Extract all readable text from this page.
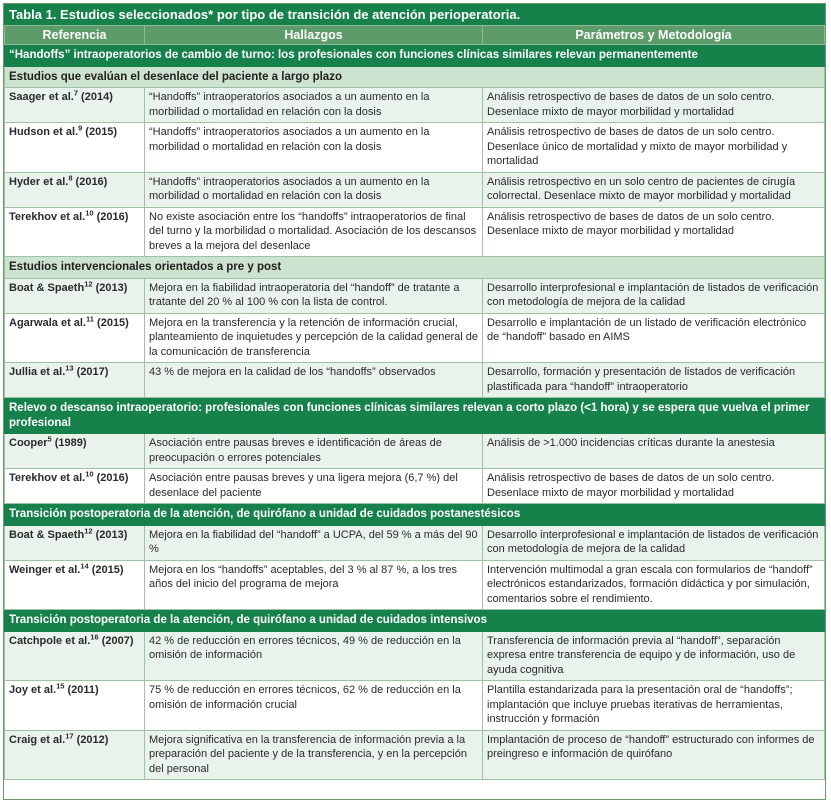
Tabla 1. Estudios seleccionados* por tipo de transición de atención perioperatoria.
Referencia	Hallazgos	Parámetros y Metodología
“Handoffs” intraoperatorios de cambio de turno: los profesionales con funciones clínicas similares relevan permanentemente		
Estudios que evalúan el desenlace del paciente a largo plazo		
Saager et al.$^7$ (2014)	“Handoffs” intraoperatorios asociados a un aumento en la morbilidad o mortalidad en relación con la dosis	Análisis retrospectivo de bases de datos de un solo centro. Desenlace mixto de mayor morbilidad y mortalidad
Hudson et al.$^9$ (2015)	“Handoffs” intraoperatorios asociados a un aumento en la morbilidad o mortalidad en relación con la dosis	Análisis retrospectivo de bases de datos de un solo centro. Desenlace único de mortalidad y mixto de mayor morbilidad y mortalidad
Hyder et al.$^8$ (2016)	“Handoffs” intraoperatorios asociados a un aumento en la morbilidad o mortalidad en relación con la dosis	Análisis retrospectivo en un solo centro de pacientes de cirugía colorrectal. Desenlace mixto de mayor morbilidad y mortalidad
Terekhov et al.$^{10}$ (2016)	No existe asociación entre los “handoffs” intraoperatorios de final del turno y la morbilidad o mortalidad. Asociación de los descansos breves a la mejora del desenlace	Análisis retrospectivo de bases de datos de un solo centro. Desenlace mixto de mayor morbilidad y mortalidad
Estudios intervencionales orientados a pre y post		
Boat & Spaeth$^{12}$ (2013)	Mejora en la fiabilidad intraoperatoria del “handoff” de tratante a tratante del 20 % al 100 % con la lista de control.	Desarrollo interprofesional e implantación de listados de verificación con metodología de mejora de la calidad
Agarwala et al.$^{11}$ (2015)	Mejora en la transferencia y la retención de información crucial, planteamiento de inquietudes y percepción de la calidad general de la comunicación de transferencia	Desarrollo e implantación de un listado de verificación electrónico de “handoff” basado en AIMS
Jullia et al.$^{13}$ (2017)	43 % de mejora en la calidad de los “handoffs” observados	Desarrollo, formación y presentación de listados de verificación plastificada para “handoff” intraoperatorio
Relevo o descanso intraoperatorio: profesionales con funciones clínicas similares relevan a corto plazo (<1 hora) y se espera que vuelva el primer profesional		
Cooper$^5$ (1989)	Asociación entre pausas breves e identificación de áreas de preocupación o errores potenciales	Análisis de >1.000 incidencias críticas durante la anestesia
Terekhov et al.$^{10}$ (2016)	Asociación entre pausas breves y una ligera mejora (6,7 %) del desenlace del paciente	Análisis retrospectivo de bases de datos de un solo centro. Desenlace mixto de mayor morbilidad y mortalidad
Transición postoperatoria de la atención, de quirófano a unidad de cuidados postanestésicos		
Boat & Spaeth$^{12}$ (2013)	Mejora en la fiabilidad del “handoff” a UCPA, del 59 % a más del 90 %	Desarrollo interprofesional e implantación de listados de verificación con metodología de mejora de la calidad
Weinger et al.$^{14}$ (2015)	Mejora en los “handoffs” aceptables, del 3 % al 87 %, a los tres años del inicio del programa de mejora	Intervención multimodal a gran escala con formularios de “handoff” electrónicos estandarizados, formación didáctica y por simulación, comentarios sobre el rendimiento.
Transición postoperatoria de la atención, de quirófano a unidad de cuidados intensivos		
Catchpole et al.$^{16}$ (2007)	42 % de reducción en errores técnicos, 49 % de reducción en la omisión de información	Transferencia de información previa al “handoff”, separación expresa entre transferencia de equipo y de información, uso de ayuda cognitiva
Joy et al.$^{15}$ (2011)	75 % de reducción en errores técnicos, 62 % de reducción en la omisión de información crucial	Plantilla estandarizada para la presentación oral de “handoffs”; implantación que incluye pruebas iterativas de herramientas, instrucción y formación
Craig et al.$^{17}$ (2012)	Mejora significativa en la transferencia de información previa a la preparación del paciente y de la transferencia, y en la percepción del personal	Implantación de proceso de “handoff” estructurado con informes de preingreso e información de quirófano
